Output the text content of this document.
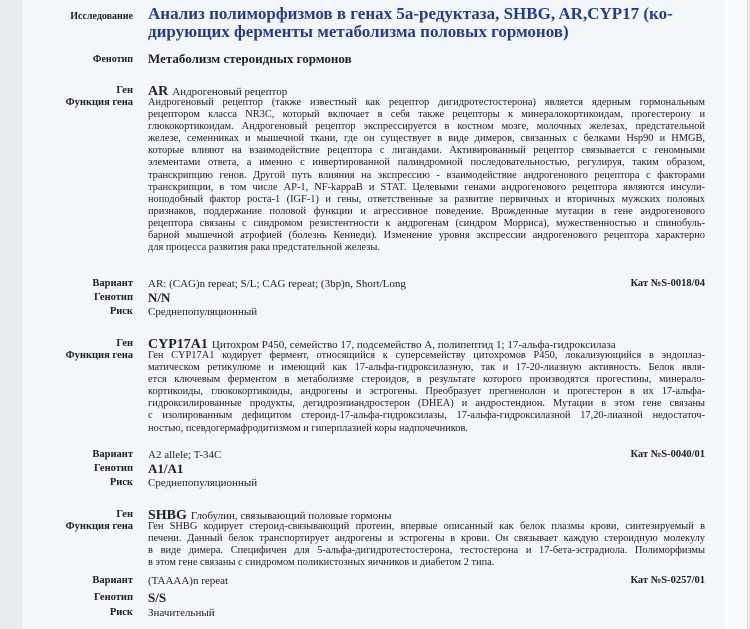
Исследование Анализ полиморфизмов в генах 5а-редуктаза, SHBG, AR,CYP17 (ко-
дирующих ферменты метаболизма половых гормонов)
Фенотип Метаболизм стероидных гормонов
Ген AR Андрогеновый рецептор
Функция гена Андрогеновый рецептор (также известный как рецептор дигидротестостерона) является ядерным гормональным
рецептором класса NR3C, который включает в себя также рецепторы к минералокортикоидам, прогестерону и
глюкокортикоидам. Андрогеновый рецептор экспрессируется в костном мозге, молочных железах, предстательной
железе, семенниках и мышечной ткани, где он существует в виде димеров, связанных с белками Hsp90 и HMGB,
которые влияют на взаимодействие рецептора с лигандами. Активированный рецептор связывается с геномными
элементами ответа, а именно с инвертированной палиндромной последовательностью, регулируя, таким образом,
транскрипцию генов. Другой путь влияния на экспрессию - взаимодействие андрогенового рецептора с факторами
транскрипции, в том числе AP-1, NF-kappaB и STAT. Целевыми генами андрогенового рецептора являются инсули-
ноподобный фактор роста-1 (IGF-1) и гены, ответственные за развитие первичных и вторичных мужских половых
признаков, поддержание половой функции и агрессивное поведение. Врожденные мутации в гене андрогенового
рецептора связаны с синдромом резистентности к андрогенам (синдром Морриса), мужественностью и спинобуль-
барной мышечной атрофией (болезнь Кеннеди). Изменение уровня экспрессии андрогенового рецептора характерно
для процесса развития рака предстательной железы.
Вариант AR: (CAG)n repeat; S/L; CAG repeat; (3bp)n, Short/Long	Кат №S-0018/04
Генотип N/N
Риск Среднепопуляционный
Ген CYP17A1 Цитохром Р450, семейство 17, подсемейство А, полипептид 1; 17-альфа-гидроксилаза
Функция гена Ген CYP17A1 кодирует фермент, относящийся к суперсемейству цитохромов Р450, локализующийся в эндоплаз-
матическом ретикулюме и имеющий как 17-альфа-гидроксилазную, так и 17-20-лиазную активность. Белок явля-
ется ключевым ферментом в метаболизме стероидов, в результате которого производятся прогестины, минерало-
кортикоиды, глюкокортикоиды, андрогены и эстрогены. Преобразует прегненолон и прогестерон в их 17-альфа-
гидроксилированные продукты, дегидроэпиандростерон (DHEA) и андростендион. Мутации в этом гене связаны
с изолированным дефицитом стероид-17-альфа-гидроксилазы, 17-альфа-гидроксилазной 17,20-лиазной недостаточ-
ностью, псевдогермафродитизмом и гиперплазией коры надпочечников.
Вариант A2 allele; T-34C	Кат №S-0040/01
Генотип A1/A1
Риск Среднепопуляционный
Ген SHBG Глобулин, связывающий половые гормоны
Функция гена Ген SHBG кодирует стероид-связывающий протеин, впервые описанный как белок плазмы крови, синтезируемый в
печени. Данный белок транспортирует андрогены и эстрогены в крови. Он связывает каждую стероидную молекулу
в виде димера. Специфичен для 5-альфа-дигидротестостерона, тестостерона и 17-бета-эстрадиола. Полиморфизмы
в этом гене связаны с синдромом поликистозных яичников и диабетом 2 типа.
Вариант (TAAAA)n repeat	Кат №S-0257/01
Генотип S/S
Риск Значительный
